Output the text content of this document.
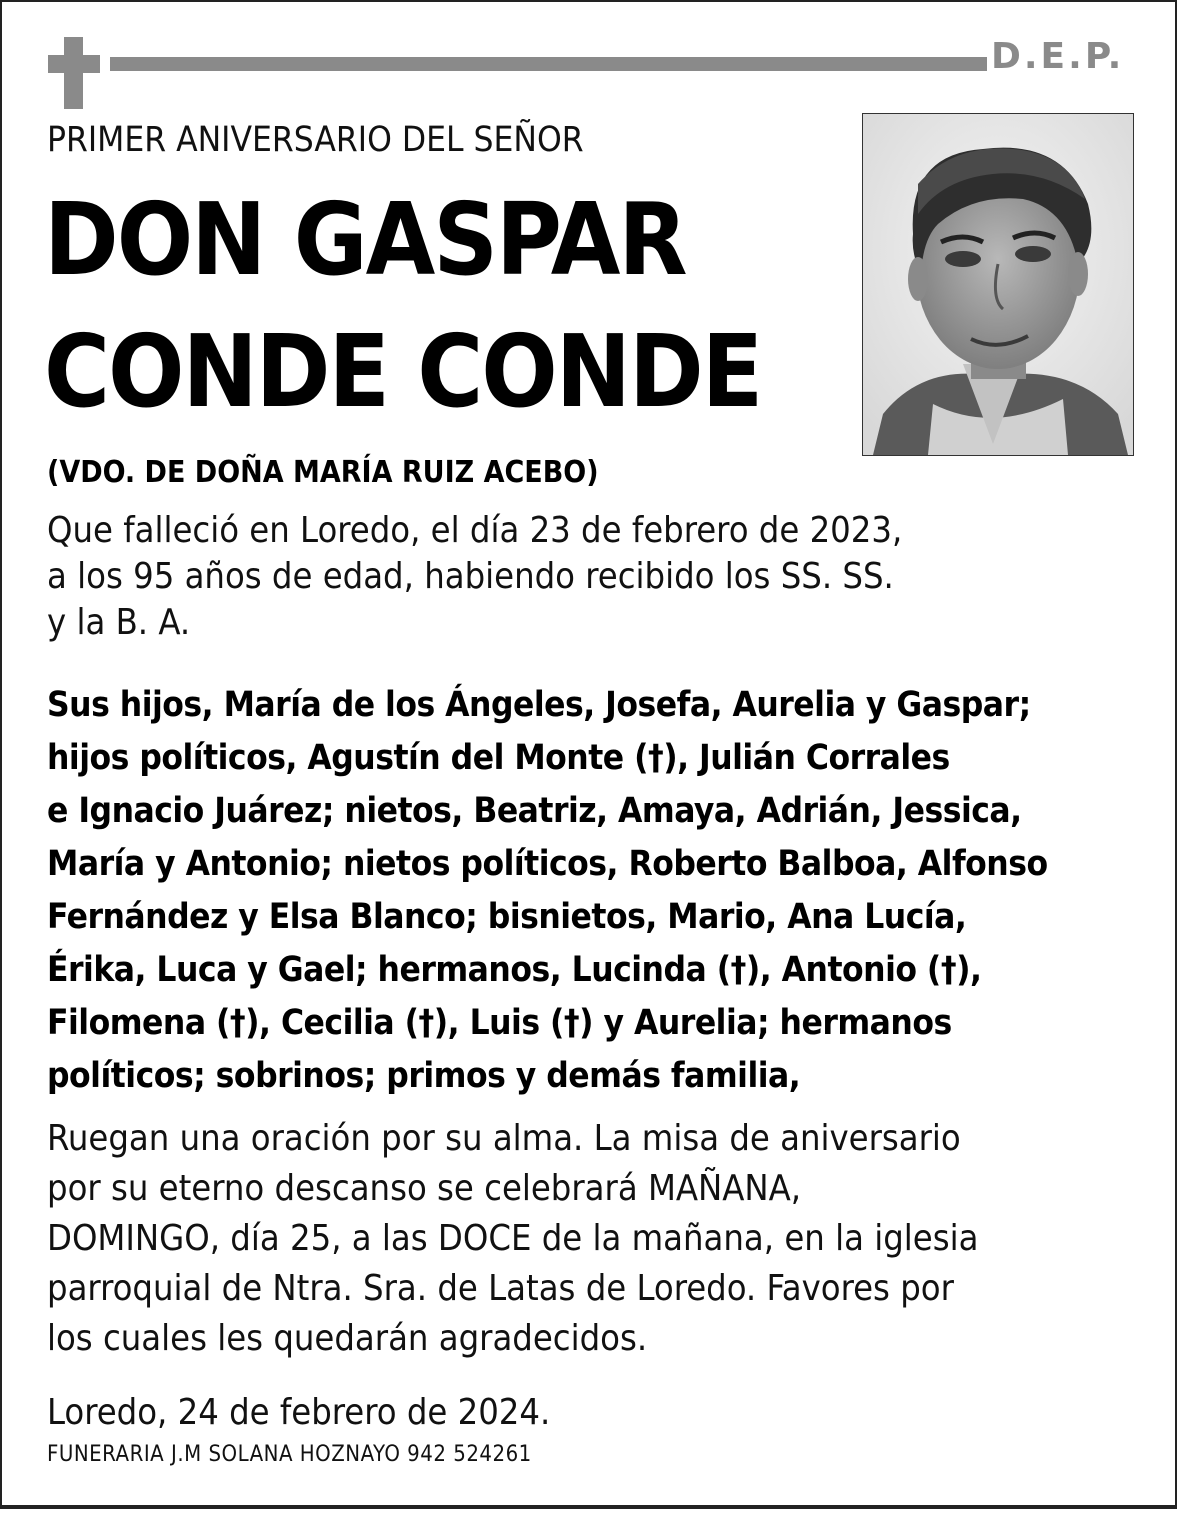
D.E.P.
PRIMER ANIVERSARIO DEL SEÑOR
DON GASPAR
CONDE CONDE
(VDO. DE DOÑA MARÍA RUIZ ACEBO)
Que falleció en Loredo, el día 23 de febrero de 2023,
a los 95 años de edad, habiendo recibido los SS. SS.
y la B. A.
Sus hijos, María de los Ángeles, Josefa, Aurelia y Gaspar;
hijos políticos, Agustín del Monte (†), Julián Corrales
e Ignacio Juárez; nietos, Beatriz, Amaya, Adrián, Jessica,
María y Antonio; nietos políticos, Roberto Balboa, Alfonso
Fernández y Elsa Blanco; bisnietos, Mario, Ana Lucía,
Érika, Luca y Gael; hermanos, Lucinda (†), Antonio (†),
Filomena (†), Cecilia (†), Luis (†) y Aurelia; hermanos
políticos; sobrinos; primos y demás familia,
Ruegan una oración por su alma. La misa de aniversario
por su eterno descanso se celebrará MAÑANA,
DOMINGO, día 25, a las DOCE de la mañana, en la iglesia
parroquial de Ntra. Sra. de Latas de Loredo. Favores por
los cuales les quedarán agradecidos.
Loredo, 24 de febrero de 2024.
FUNERARIA J.M SOLANA HOZNAYO 942 524261
